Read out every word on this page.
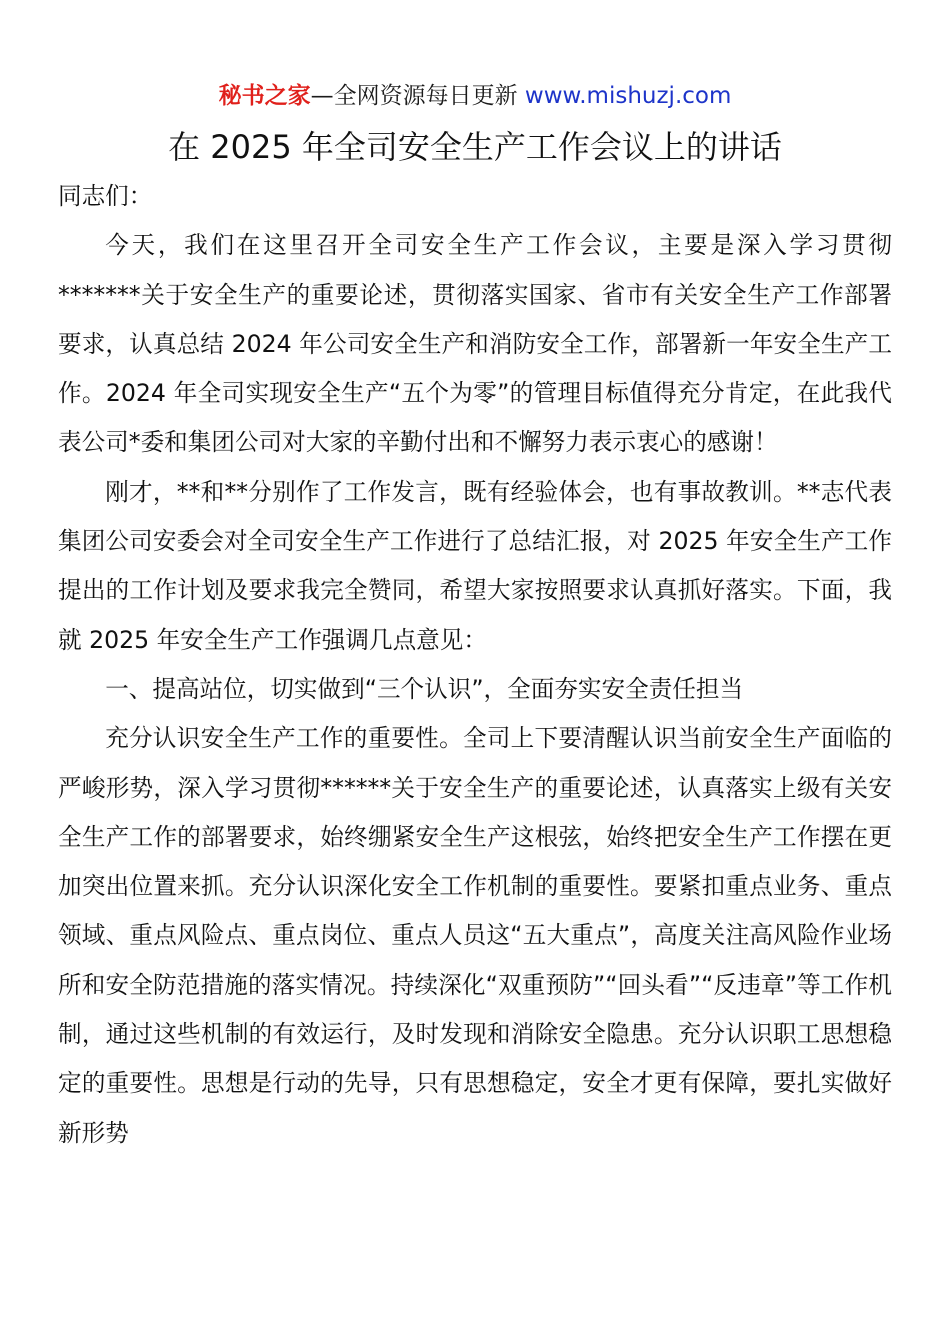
秘书之家—全网资源每日更新 www.mishuzj.com
在 2025 年全司安全生产工作会议上的讲话

同志们：

今天，我们在这里召开全司安全生产工作会议，主要是深入学习贯彻*******关于安全生产的重要论述，贯彻落实国家、省市有关安全生产工作部署要求，认真总结 2024 年公司安全生产和消防安全工作，部署新一年安全生产工作。2024 年全司实现安全生产“五个为零”的管理目标值得充分肯定，在此我代表公司*委和集团公司对大家的辛勤付出和不懈努力表示衷心的感谢！

刚才，**和**分别作了工作发言，既有经验体会，也有事故教训。**志代表集团公司安委会对全司安全生产工作进行了总结汇报，对 2025 年安全生产工作提出的工作计划及要求我完全赞同，希望大家按照要求认真抓好落实。下面，我就 2025 年安全生产工作强调几点意见：

一、提高站位，切实做到“三个认识”，全面夯实安全责任担当

充分认识安全生产工作的重要性。全司上下要清醒认识当前安全生产面临的严峻形势，深入学习贯彻******关于安全生产的重要论述，认真落实上级有关安全生产工作的部署要求，始终绷紧安全生产这根弦，始终把安全生产工作摆在更加突出位置来抓。充分认识深化安全工作机制的重要性。要紧扣重点业务、重点领域、重点风险点、重点岗位、重点人员这“五大重点”，高度关注高风险作业场所和安全防范措施的落实情况。持续深化“双重预防”“回头看”“反违章”等工作机制，通过这些机制的有效运行，及时发现和消除安全隐患。充分认识职工思想稳定的重要性。思想是行动的先导，只有思想稳定，安全才更有保障，要扎实做好新形势
